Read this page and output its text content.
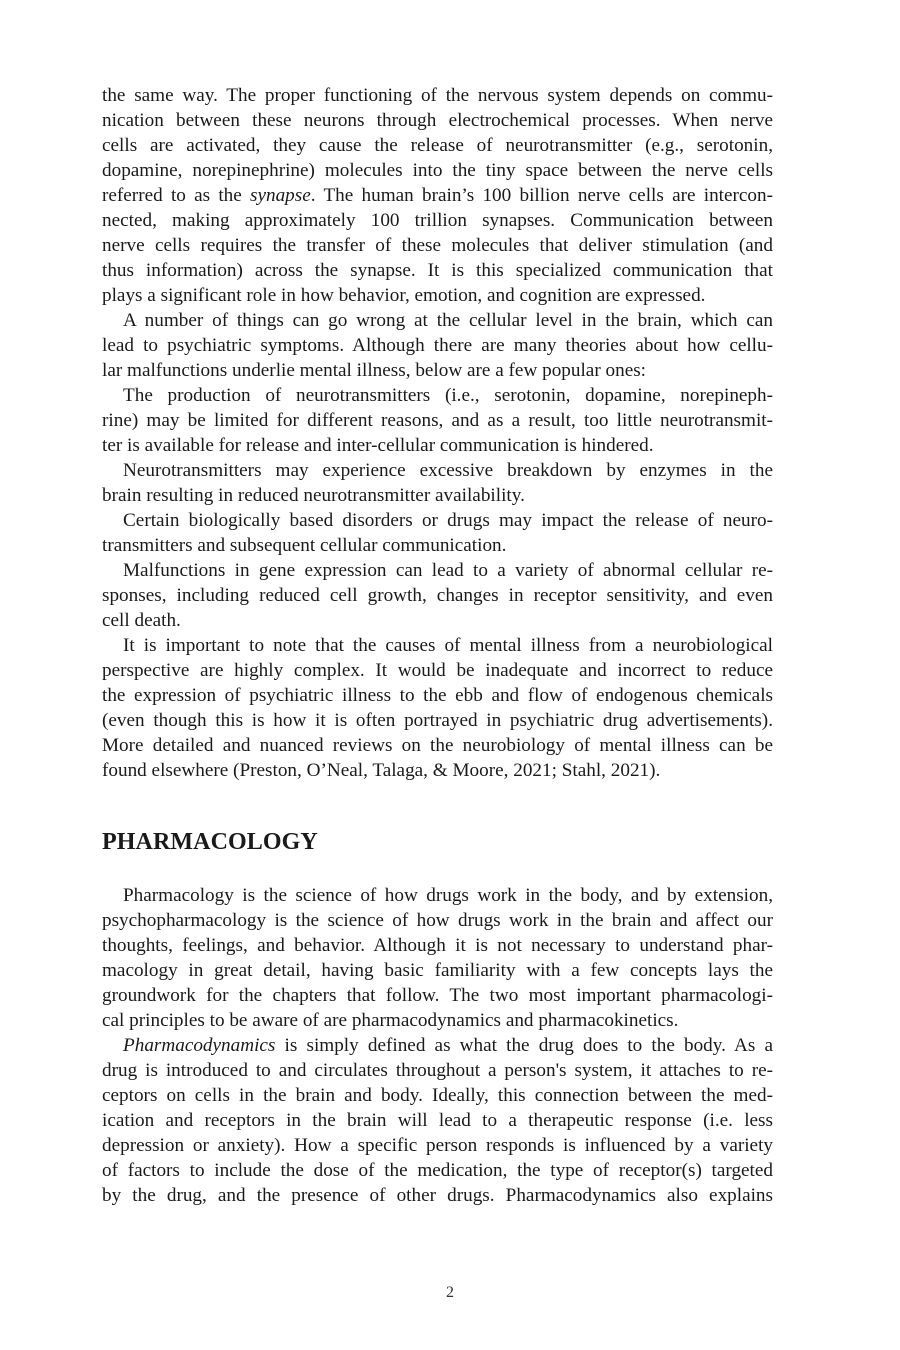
the same way. The proper functioning of the nervous system depends on commu-
nication between these neurons through electrochemical processes. When nerve
cells are activated, they cause the release of neurotransmitter (e.g., serotonin,
dopamine, norepinephrine) molecules into the tiny space between the nerve cells
referred to as the synapse. The human brain’s 100 billion nerve cells are intercon-
nected, making approximately 100 trillion synapses. Communication between
nerve cells requires the transfer of these molecules that deliver stimulation (and
thus information) across the synapse. It is this specialized communication that
plays a significant role in how behavior, emotion, and cognition are expressed.
A number of things can go wrong at the cellular level in the brain, which can
lead to psychiatric symptoms. Although there are many theories about how cellu-
lar malfunctions underlie mental illness, below are a few popular ones:
The production of neurotransmitters (i.e., serotonin, dopamine, norepineph-
rine) may be limited for different reasons, and as a result, too little neurotransmit-
ter is available for release and inter-cellular communication is hindered.
Neurotransmitters may experience excessive breakdown by enzymes in the
brain resulting in reduced neurotransmitter availability.
Certain biologically based disorders or drugs may impact the release of neuro-
transmitters and subsequent cellular communication.
Malfunctions in gene expression can lead to a variety of abnormal cellular re-
sponses, including reduced cell growth, changes in receptor sensitivity, and even
cell death.
It is important to note that the causes of mental illness from a neurobiological
perspective are highly complex. It would be inadequate and incorrect to reduce
the expression of psychiatric illness to the ebb and flow of endogenous chemicals
(even though this is how it is often portrayed in psychiatric drug advertisements).
More detailed and nuanced reviews on the neurobiology of mental illness can be
found elsewhere (Preston, O’Neal, Talaga, & Moore, 2021; Stahl, 2021).
PHARMACOLOGY
Pharmacology is the science of how drugs work in the body, and by extension,
psychopharmacology is the science of how drugs work in the brain and affect our
thoughts, feelings, and behavior. Although it is not necessary to understand phar-
macology in great detail, having basic familiarity with a few concepts lays the
groundwork for the chapters that follow. The two most important pharmacologi-
cal principles to be aware of are pharmacodynamics and pharmacokinetics.
Pharmacodynamics is simply defined as what the drug does to the body. As a
drug is introduced to and circulates throughout a person's system, it attaches to re-
ceptors on cells in the brain and body. Ideally, this connection between the med-
ication and receptors in the brain will lead to a therapeutic response (i.e. less
depression or anxiety). How a specific person responds is influenced by a variety
of factors to include the dose of the medication, the type of receptor(s) targeted
by the drug, and the presence of other drugs. Pharmacodynamics also explains
2
